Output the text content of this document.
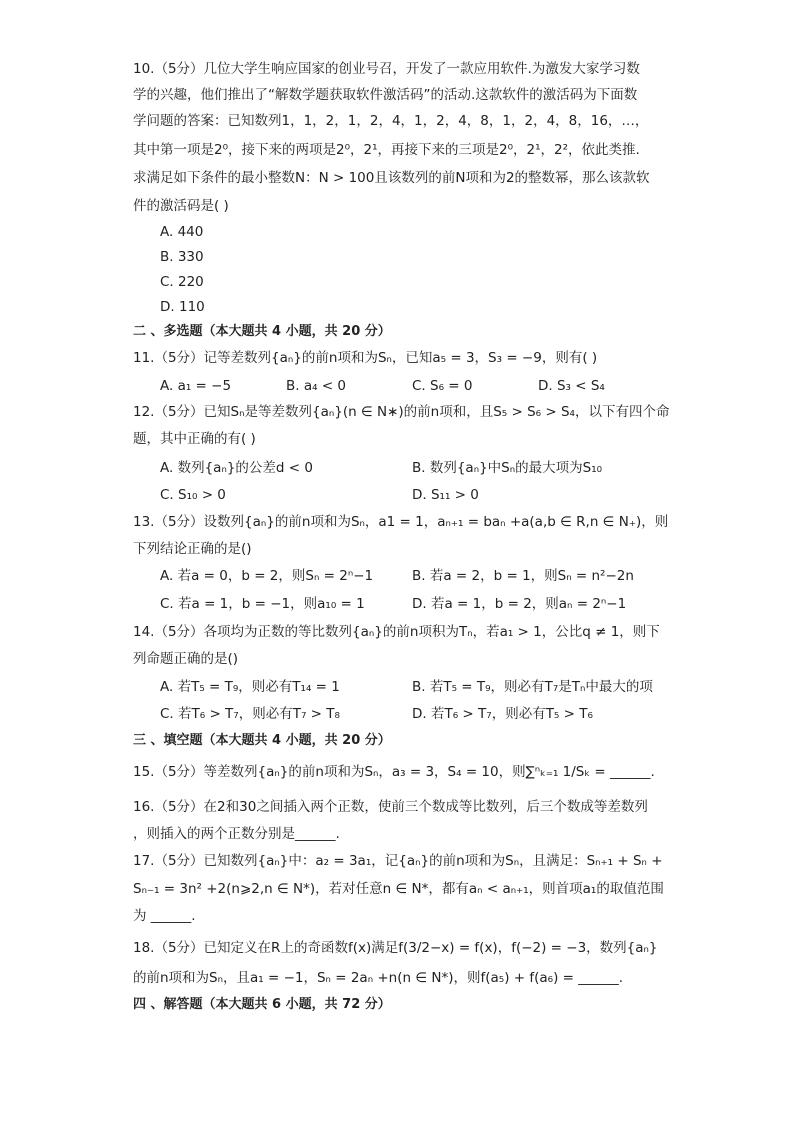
10.（5分）几位大学生响应国家的创业号召，开发了一款应用软件.为激发大家学习数
学的兴趣，他们推出了“解数学题获取软件激活码”的活动.这款软件的激活码为下面数
学问题的答案：已知数列1，1，2，1，2，4，1，2，4，8，1，2，4，8，16，…，
其中第一项是2⁰，接下来的两项是2⁰，2¹，再接下来的三项是2⁰，2¹，2²，依此类推.
求满足如下条件的最小整数N：N > 100且该数列的前N项和为2的整数幂，那么该款软
件的激活码是( )
A. 440
B. 330
C. 220
D. 110
二 、多选题（本大题共 4 小题，共 20 分）
11.（5分）记等差数列{aₙ}的前n项和为Sₙ，已知a₅ = 3，S₃ = −9，则有( )
A. a₁ = −5	B. a₄ < 0	C. S₆ = 0	D. S₃ < S₄
12.（5分）已知Sₙ是等差数列{aₙ}(n ∈ N∗)的前n项和，且S₅ > S₆ > S₄，以下有四个命
题，其中正确的有( )
A. 数列{aₙ}的公差d < 0	B. 数列{aₙ}中Sₙ的最大项为S₁₀
C. S₁₀ > 0	D. S₁₁ > 0
13.（5分）设数列{aₙ}的前n项和为Sₙ，a1 = 1，aₙ₊₁ = baₙ +a(a,b ∈ R,n ∈ N₊)，则
下列结论正确的是()
A. 若a = 0，b = 2，则Sₙ = 2ⁿ−1	B. 若a = 2，b = 1，则Sₙ = n²−2n
C. 若a = 1，b = −1，则a₁₀ = 1	D. 若a = 1，b = 2，则aₙ = 2ⁿ−1
14.（5分）各项均为正数的等比数列{aₙ}的前n项积为Tₙ，若a₁ > 1，公比q ≠ 1，则下
列命题正确的是()
A. 若T₅ = T₉，则必有T₁₄ = 1	B. 若T₅ = T₉，则必有T₇是Tₙ中最大的项
C. 若T₆ > T₇，则必有T₇ > T₈	D. 若T₆ > T₇，则必有T₅ > T₆
三 、填空题（本大题共 4 小题，共 20 分）
15.（5分）等差数列{aₙ}的前n项和为Sₙ，a₃ = 3，S₄ = 10，则∑ⁿₖ₌₁ 1/Sₖ = ______.
16.（5分）在2和30之间插入两个正数，使前三个数成等比数列，后三个数成等差数列
，则插入的两个正数分别是______.
17.（5分）已知数列{aₙ}中：a₂ = 3a₁，记{aₙ}的前n项和为Sₙ，且满足：Sₙ₊₁ + Sₙ +
Sₙ₋₁ = 3n² +2(n⩾2,n ∈ N*)，若对任意n ∈ N*，都有aₙ < aₙ₊₁，则首项a₁的取值范围
为 ______.
18.（5分）已知定义在R上的奇函数f(x)满足f(3/2−x) = f(x)，f(−2) = −3，数列{aₙ}
的前n项和为Sₙ，且a₁ = −1，Sₙ = 2aₙ +n(n ∈ N*)，则f(a₅) + f(a₆) = ______.
四 、解答题（本大题共 6 小题，共 72 分）
